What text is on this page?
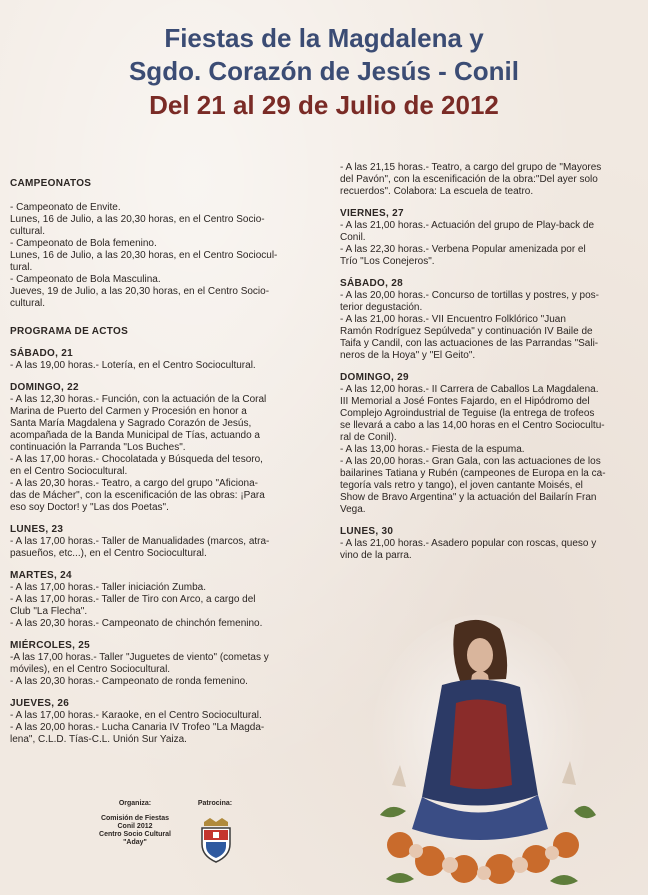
Fiestas de la Magdalena y
Sgdo. Corazón de Jesús - Conil
Del 21 al 29 de Julio de 2012
CAMPEONATOS
- Campeonato de Envite.
Lunes, 16 de Julio, a las 20,30 horas, en el Centro Socio-
cultural.
- Campeonato de Bola femenino.
Lunes, 16 de Julio, a las 20,30 horas, en el Centro Sociocul-
tural.
- Campeonato de Bola Masculina.
Jueves, 19 de Julio, a las 20,30 horas, en el Centro Socio-
cultural.
PROGRAMA DE ACTOS
SÁBADO, 21
- A las 19,00 horas.- Lotería, en el Centro Sociocultural.
DOMINGO, 22
- A las 12,30 horas.- Función, con la actuación de la Coral
Marina de Puerto del Carmen y Procesión en honor a
Santa María Magdalena y Sagrado Corazón de Jesús,
acompañada de la Banda Municipal de Tías, actuando a
continuación la Parranda "Los Buches".
- A las 17,00 horas.- Chocolatada y Búsqueda del tesoro,
en el Centro Sociocultural.
- A las 20,30 horas.- Teatro, a cargo del grupo "Aficiona-
das de Mácher", con la escenificación de las obras: ¡Para
eso soy Doctor! y "Las dos Poetas".
LUNES, 23
- A las 17,00 horas.- Taller de Manualidades (marcos, atra-
pasueños, etc...), en el Centro Sociocultural.
MARTES, 24
- A las 17,00 horas.- Taller iniciación Zumba.
- A las 17,00 horas.- Taller de Tiro con Arco, a cargo del
Club "La Flecha".
- A las 20,30 horas.- Campeonato de chinchón femenino.
MIÉRCOLES, 25
-A las 17,00 horas.- Taller "Juguetes de viento" (cometas y
móviles), en el Centro Sociocultural.
- A las 20,30 horas.- Campeonato de ronda femenino.
JUEVES, 26
- A las 17,00 horas.- Karaoke, en el Centro Sociocultural.
- A las 20,00 horas.- Lucha Canaria IV Trofeo "La Magda-
lena", C.L.D. Tías-C.L. Unión Sur Yaiza.
- A las 21,15 horas.- Teatro, a cargo del grupo de "Mayores
del Pavón", con la escenificación de la obra:"Del ayer solo
recuerdos". Colabora: La escuela de teatro.
VIERNES, 27
- A las 21,00 horas.- Actuación del grupo de Play-back de
Conil.
- A las 22,30 horas.- Verbena Popular amenizada por el
Trío "Los Conejeros".
SÁBADO, 28
- A las 20,00 horas.- Concurso de tortillas y postres, y pos-
terior degustación.
- A las 21,00 horas.- VII Encuentro Folklórico "Juan
Ramón Rodríguez Sepúlveda" y continuación IV Baile de
Taifa y Candil, con las actuaciones de las Parrandas "Sali-
neros de la Hoya" y "El Geito".
DOMINGO, 29
- A las 12,00 horas.- II Carrera de Caballos La Magdalena.
III Memorial a José Fontes Fajardo, en el Hipódromo del
Complejo Agroindustrial de Teguise (la entrega de trofeos
se llevará a cabo a las 14,00 horas en el Centro Sociocultu-
ral de Conil).
- A las 13,00 horas.- Fiesta de la espuma.
- A las 20,00 horas.- Gran Gala, con las actuaciones de los
bailarines Tatiana y Rubén (campeones de Europa en la ca-
tegoría vals retro y tango), el joven cantante Moisés, el
Show de Bravo Argentina" y la actuación del Bailarín Fran
Vega.
LUNES, 30
- A las 21,00 horas.- Asadero popular con roscas, queso y
vino de la parra.
Organiza:
Comisión de Fiestas
Conil 2012
Centro Socio Cultural
"Aday"
Patrocina:
